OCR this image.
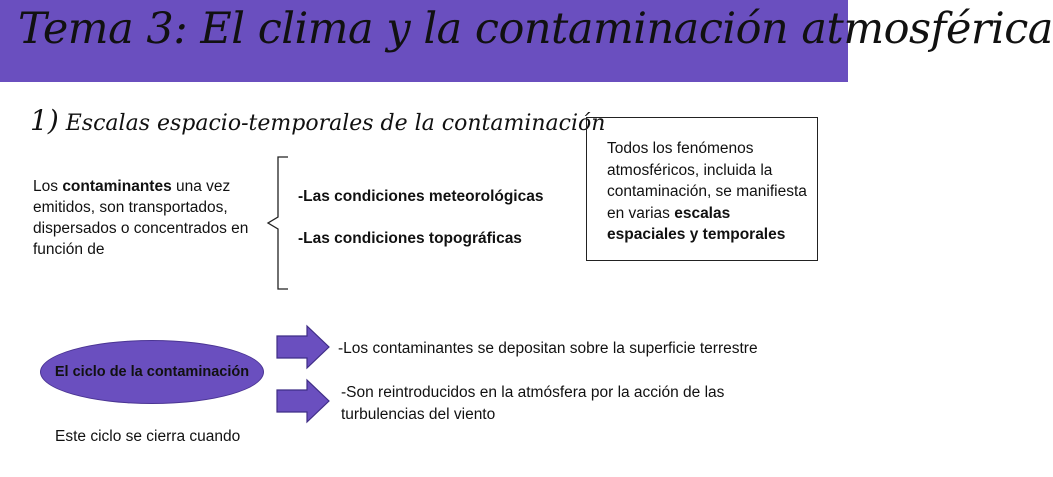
Tema 3: El clima y la contaminación atmosférica
1) Escalas espacio-temporales de la contaminación
Los contaminantes una vez emitidos, son transportados, dispersados o concentrados en función de
-Las condiciones meteorológicas
-Las condiciones topográficas
Todos los fenómenos atmosféricos, incluida la contaminación, se manifiesta en varias escalas espaciales y temporales
El ciclo de la contaminación
-Los contaminantes se depositan sobre la superficie terrestre
-Son reintroducidos en la atmósfera por la acción de las turbulencias del viento
Este ciclo se cierra cuando
